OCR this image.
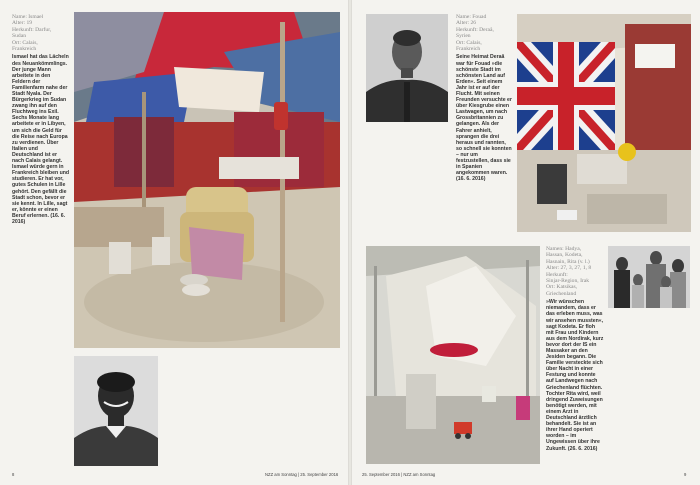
Name: Ismael
Alter: 19
Herkunft: Darfur,
Sudan
Ort: Calais,
Frankreich
Ismael hat das Lächeln des Neuankömmlings. Der junge Mann arbeitete in den Feldern der Familienfarm nahe der Stadt Nyala. Der Bürgerkrieg im Sudan zwang ihn auf den Fluchtweg ins Exil. Sechs Monate lang arbeitete er in Libyen, um sich die Geld für die Reise nach Europa zu verdienen. Über Italien und Deutschland ist er nach Calais gelangt. Ismael würde gern in Frankreich bleiben und studieren. Er hat vor, gutes Schulen in Lille gehört. Den gefällt die Stadt schon, bevor er sie kennt. In Lille, sagt er, könnte er einen Beruf erlernen. (16. 6. 2016)
8	NZZ am Sonntag | 25. September 2016
Name: Fouad
Alter: 26
Herkunft: Deraâ,
Syrien
Ort: Calais,
Frankreich
Seine Heimat Deraâ war für Fouad »die schönste Stadt im schönsten Land auf Erden«. Seit einem Jahr ist er auf der Flucht. Mit seinen Freunden versuchte er über Kiesgrube einen Lastwagen, um nach Grossbritannien zu gelangen. Als der Fahrer anhielt, sprangen die drei heraus und rannten, so schnell sie konnten – nur um festzustellen, dass sie in Spanien angekommen waren. (16. 6. 2016)
Namen: Hadya,
Hassan, Kodeta,
Hasnain, Rita (v. l.)
Alter: 27, 3, 27, 1, 8
Herkunft:
Sinjar-Region, Irak
Ort: Katsikas,
Griechenland
»Wir wünschen niemandem, dass er das erleben muss, was wir ansehen mussten«, sagt Kodeta. Er floh mit Frau und Kindern aus dem Nordirak, kurz bevor dort der IS ein Massaker an den Jesiden begann. Die Familie versteckte sich über Nacht in einer Festung und konnte auf Landwegen nach Griechenland flüchten. Tochter Rita wird, weil dringend Zuweisungen benötigt werden, mit einem Arzt in Deutschland ärztlich behandelt. Sie ist an ihrer Hand operiert worden – im Ungewissen über ihre Zukunft. (26. 6. 2016)
25. September 2016 | NZZ am Sonntag	9
